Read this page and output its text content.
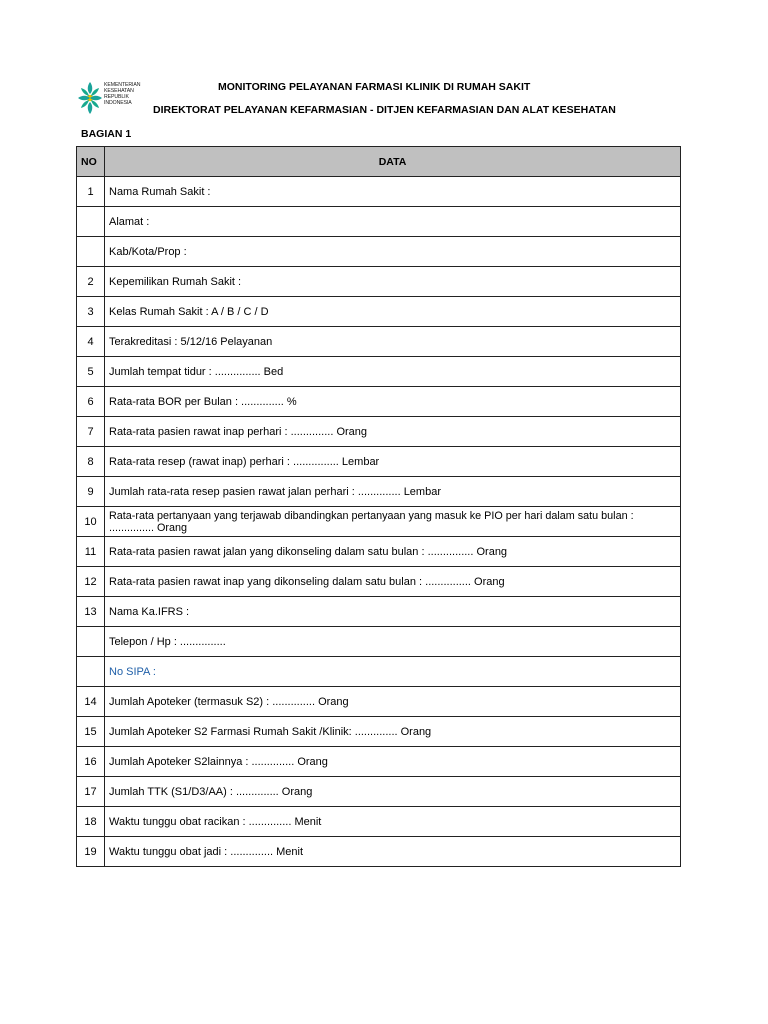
KEMENTERIAN
KESEHATAN
REPUBLIK
INDONESIA
MONITORING PELAYANAN FARMASI KLINIK DI RUMAH SAKIT
DIREKTORAT PELAYANAN KEFARMASIAN - DITJEN KEFARMASIAN DAN ALAT KESEHATAN
BAGIAN 1
NO	DATA
1	Nama Rumah Sakit :
	Alamat :
	Kab/Kota/Prop :
2	Kepemilikan Rumah Sakit :
3	Kelas Rumah Sakit : A / B / C / D
4	Terakreditasi : 5/12/16 Pelayanan
5	Jumlah tempat tidur : ............... Bed
6	Rata-rata BOR per Bulan : .............. %
7	Rata-rata pasien rawat inap perhari : .............. Orang
8	Rata-rata resep (rawat inap) perhari : ............... Lembar
9	Jumlah rata-rata resep pasien rawat jalan perhari : .............. Lembar
10	Rata-rata pertanyaan yang terjawab dibandingkan pertanyaan yang masuk ke PIO per hari dalam satu bulan : ............... Orang
11	Rata-rata pasien rawat jalan yang dikonseling dalam satu bulan : ............... Orang
12	Rata-rata pasien rawat inap yang dikonseling dalam satu bulan : ............... Orang
13	Nama Ka.IFRS :
	Telepon / Hp : ...............
	No SIPA :
14	Jumlah Apoteker (termasuk S2) : .............. Orang
15	Jumlah Apoteker S2 Farmasi Rumah Sakit /Klinik: .............. Orang
16	Jumlah Apoteker S2lainnya : .............. Orang
17	Jumlah TTK (S1/D3/AA) : .............. Orang
18	Waktu tunggu obat racikan : .............. Menit
19	Waktu tunggu obat jadi : .............. Menit
